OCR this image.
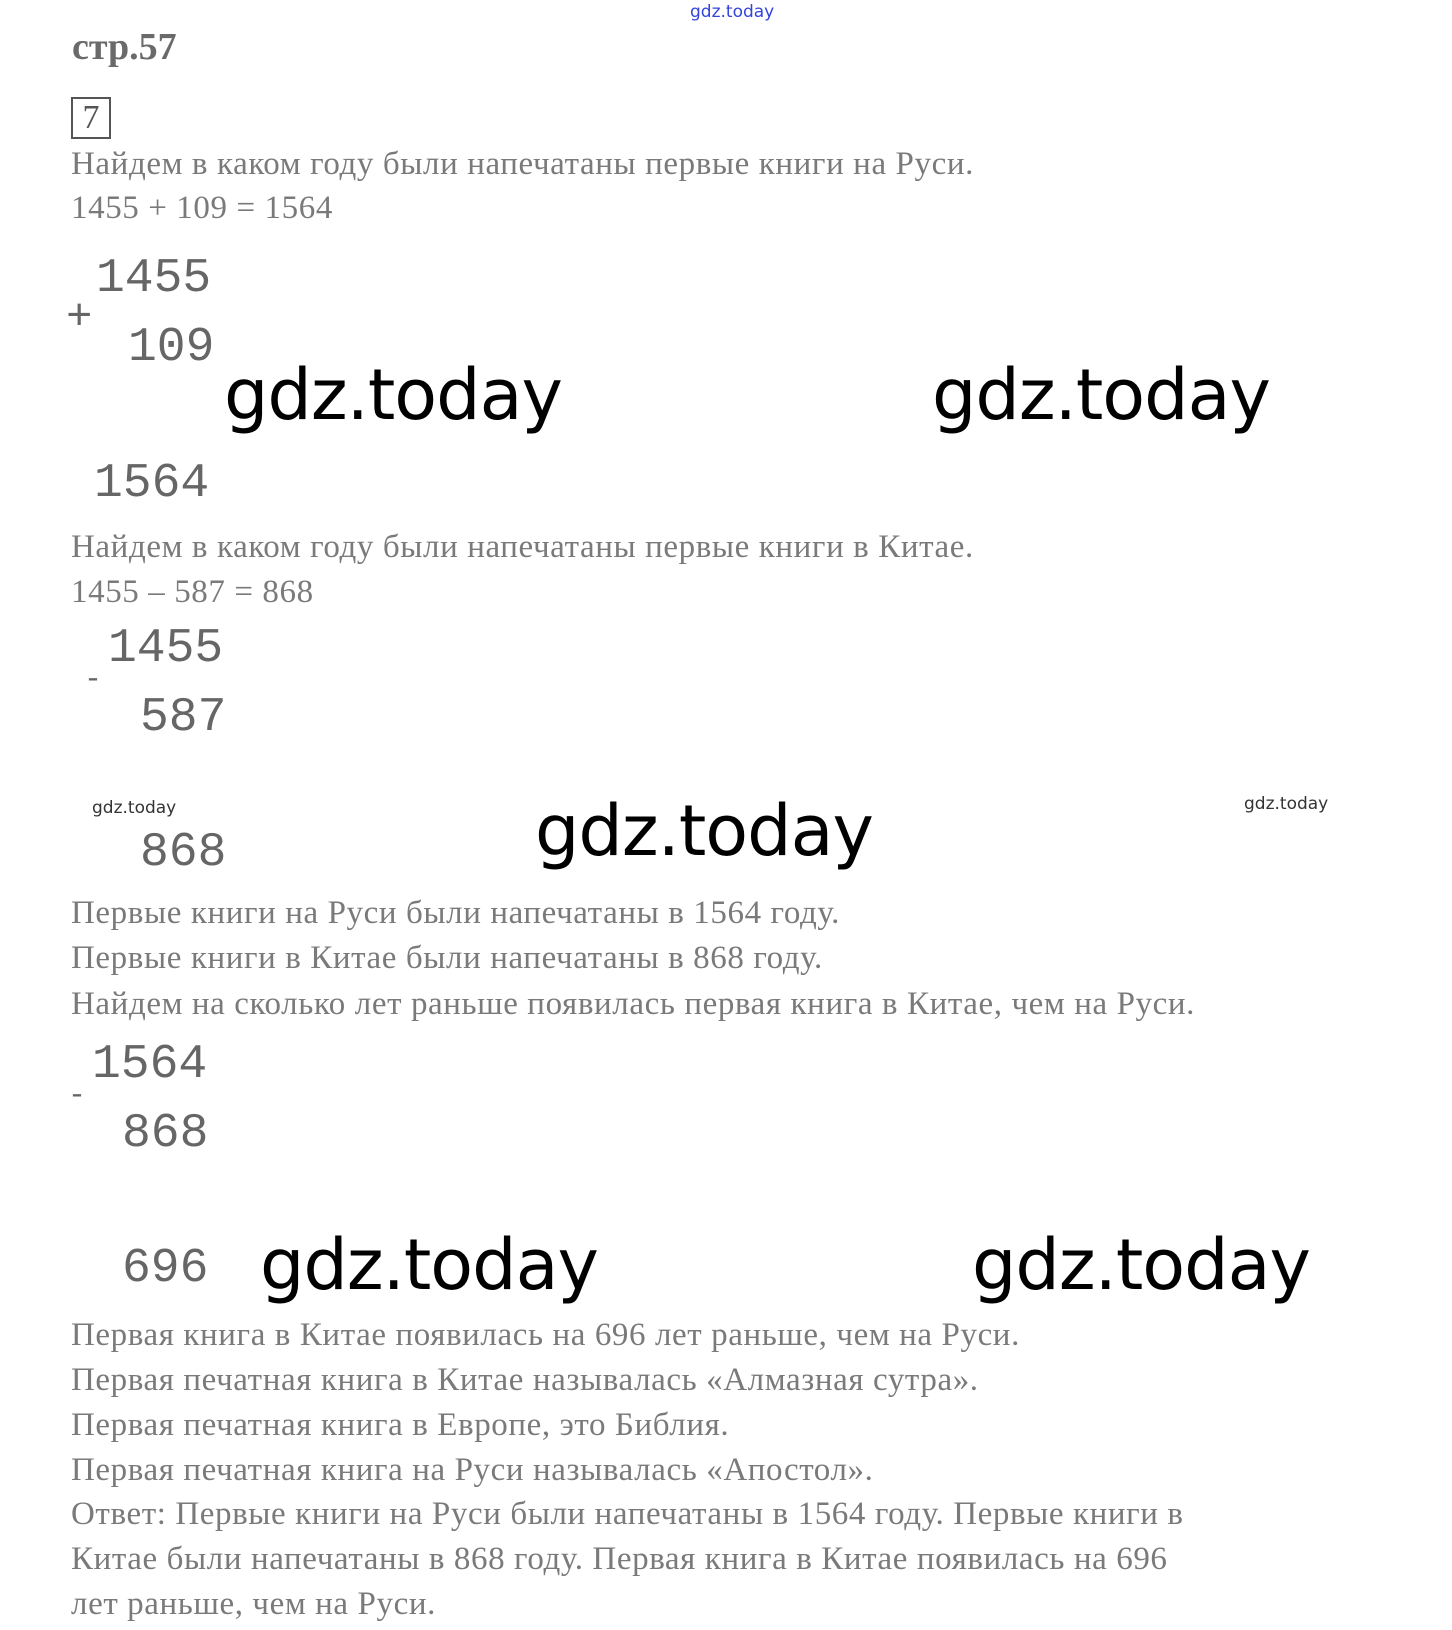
gdz.today
стр.57
7
Найдем в каком году были напечатаны первые книги на Руси.
1455 + 109 = 1564
1455
+
109
gdz.today	gdz.today
1564
Найдем в каком году были напечатаны первые книги в Китае.
1455 – 587 = 868
1455
-
587
gdz.today	gdz.today
gdz.today
868
Первые книги на Руси были напечатаны в 1564 году.
Первые книги в Китае были напечатаны в 868 году.
Найдем на сколько лет раньше появилась первая книга в Китае, чем на Руси.
1564
-
868
696 gdz.today	gdz.today
Первая книга в Китае появилась на 696 лет раньше, чем на Руси.
Первая печатная книга в Китае называлась «Алмазная сутра».
Первая печатная книга в Европе, это Библия.
Первая печатная книга на Руси называлась «Апостол».
Ответ: Первые книги на Руси были напечатаны в 1564 году. Первые книги в
Китае были напечатаны в 868 году. Первая книга в Китае появилась на 696
лет раньше, чем на Руси.
